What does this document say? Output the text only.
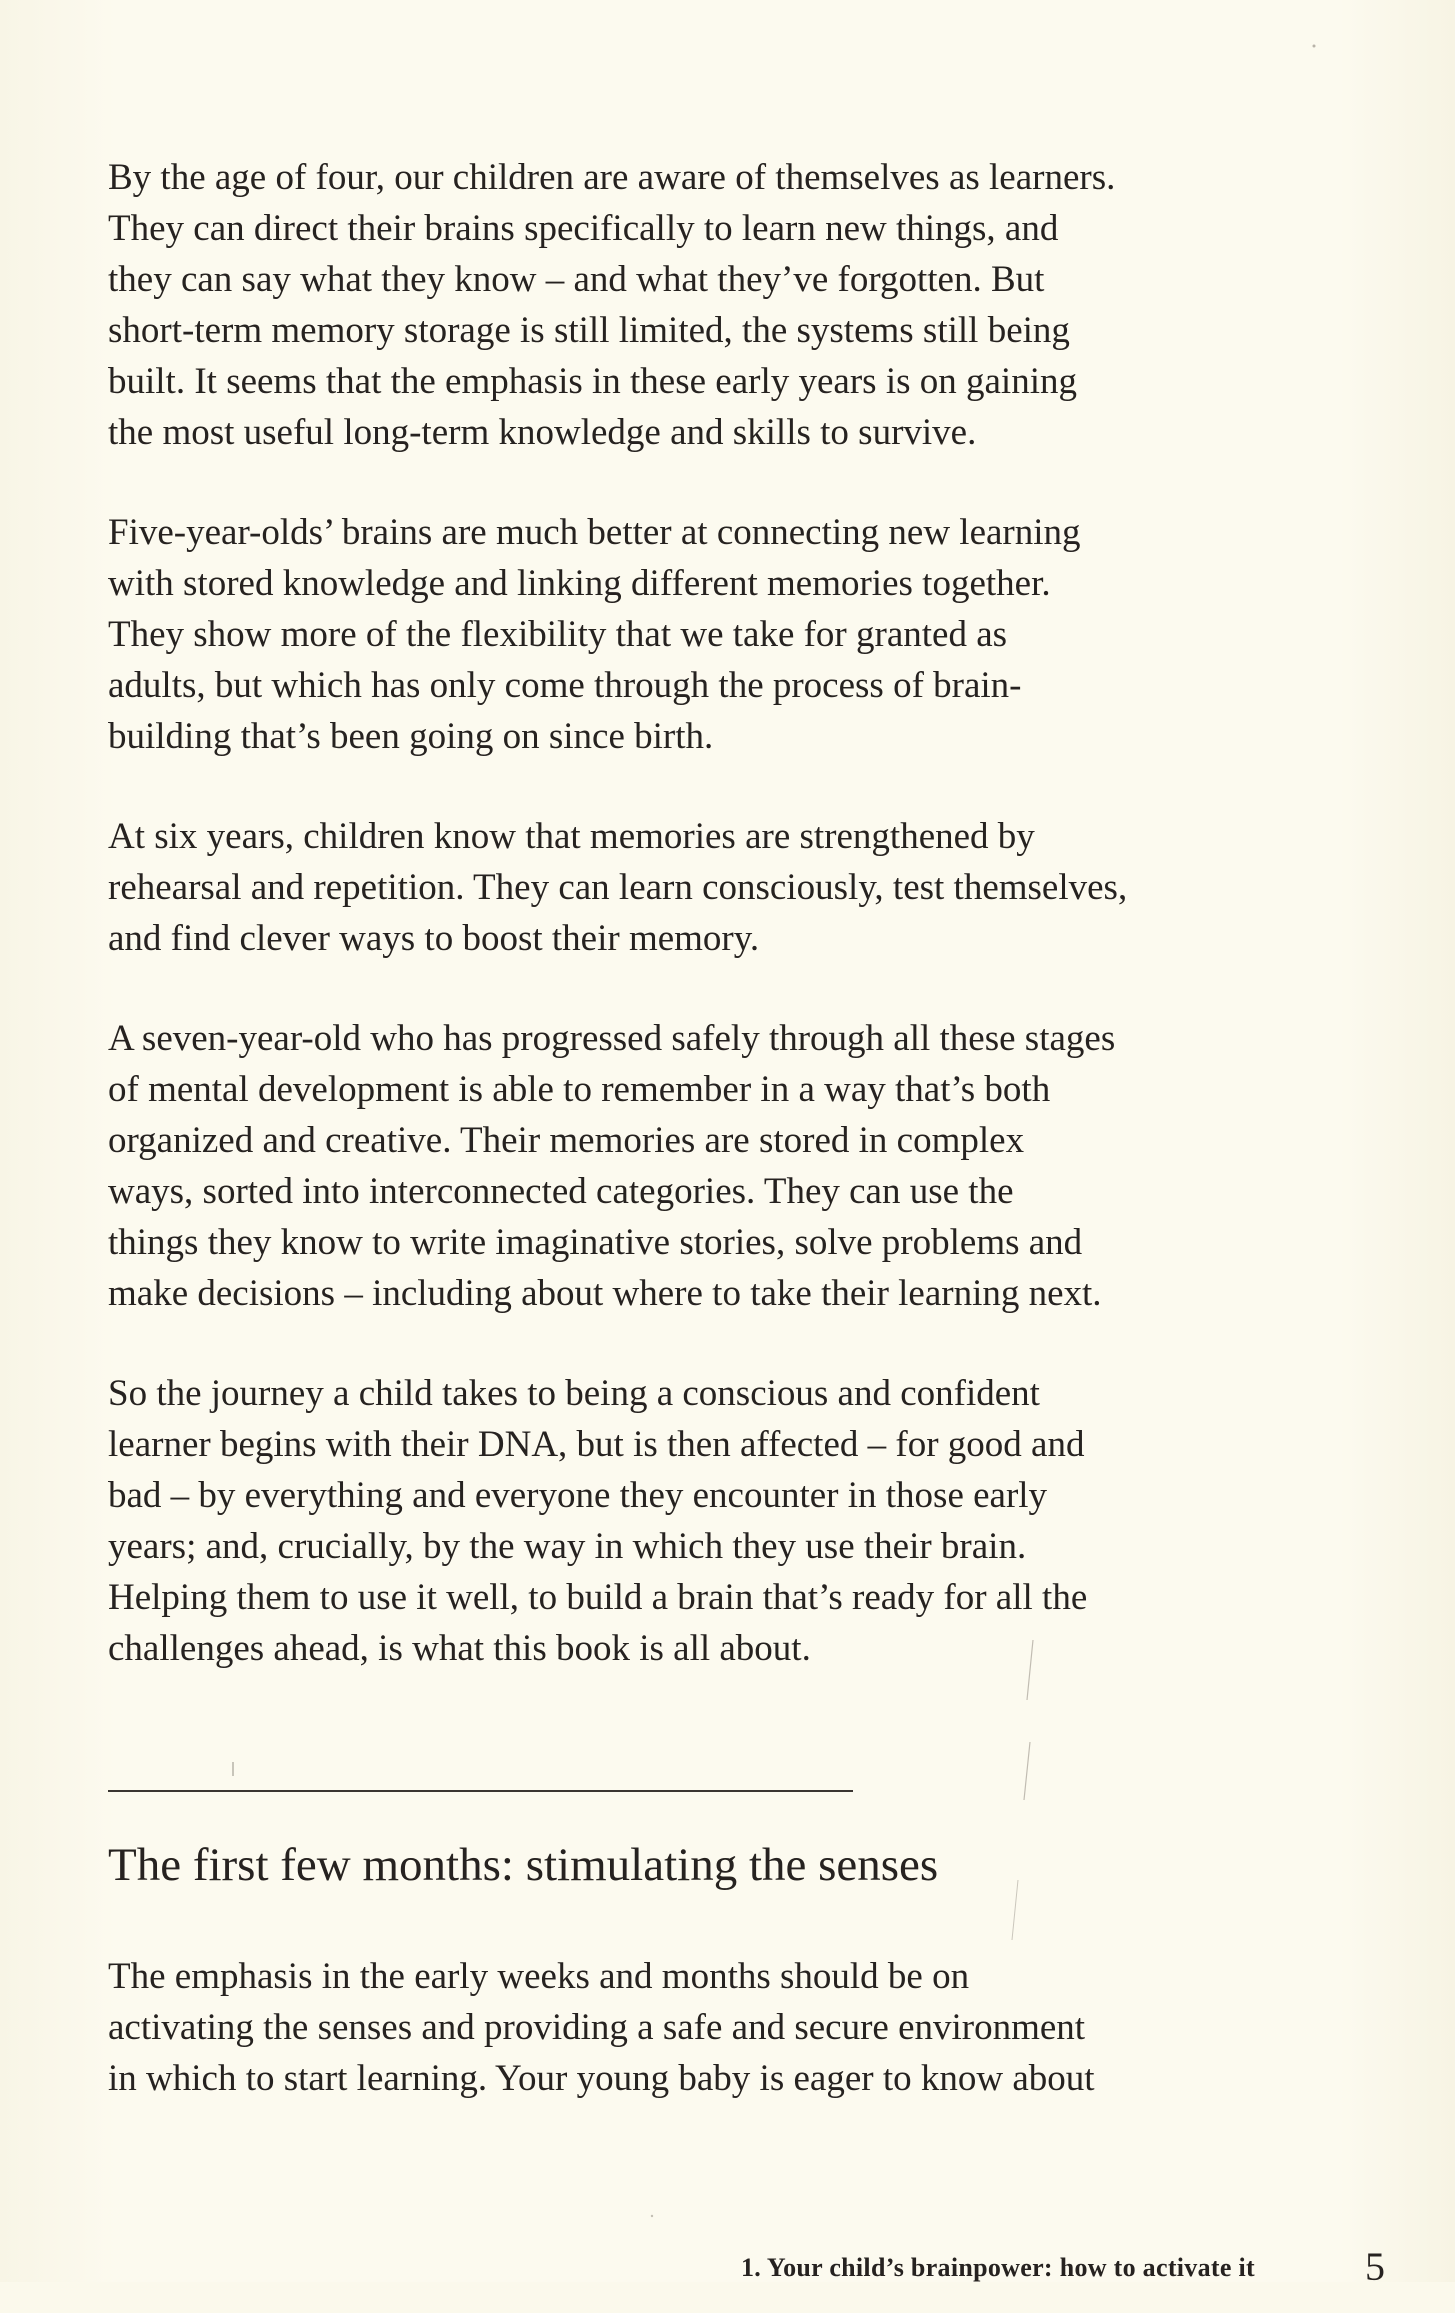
By the age of four, our children are aware of themselves as learners.
They can direct their brains specifically to learn new things, and
they can say what they know – and what they’ve forgotten. But
short-term memory storage is still limited, the systems still being
built. It seems that the emphasis in these early years is on gaining
the most useful long-term knowledge and skills to survive.

Five-year-olds’ brains are much better at connecting new learning
with stored knowledge and linking different memories together.
They show more of the flexibility that we take for granted as
adults, but which has only come through the process of brain-
building that’s been going on since birth.

At six years, children know that memories are strengthened by
rehearsal and repetition. They can learn consciously, test themselves,
and find clever ways to boost their memory.

A seven-year-old who has progressed safely through all these stages
of mental development is able to remember in a way that’s both
organized and creative. Their memories are stored in complex
ways, sorted into interconnected categories. They can use the
things they know to write imaginative stories, solve problems and
make decisions – including about where to take their learning next.

So the journey a child takes to being a conscious and confident
learner begins with their DNA, but is then affected – for good and
bad – by everything and everyone they encounter in those early
years; and, crucially, by the way in which they use their brain.
Helping them to use it well, to build a brain that’s ready for all the
challenges ahead, is what this book is all about.

The first few months: stimulating the senses

The emphasis in the early weeks and months should be on
activating the senses and providing a safe and secure environment
in which to start learning. Your young baby is eager to know about

1. Your child’s brainpower: how to activate it	5
